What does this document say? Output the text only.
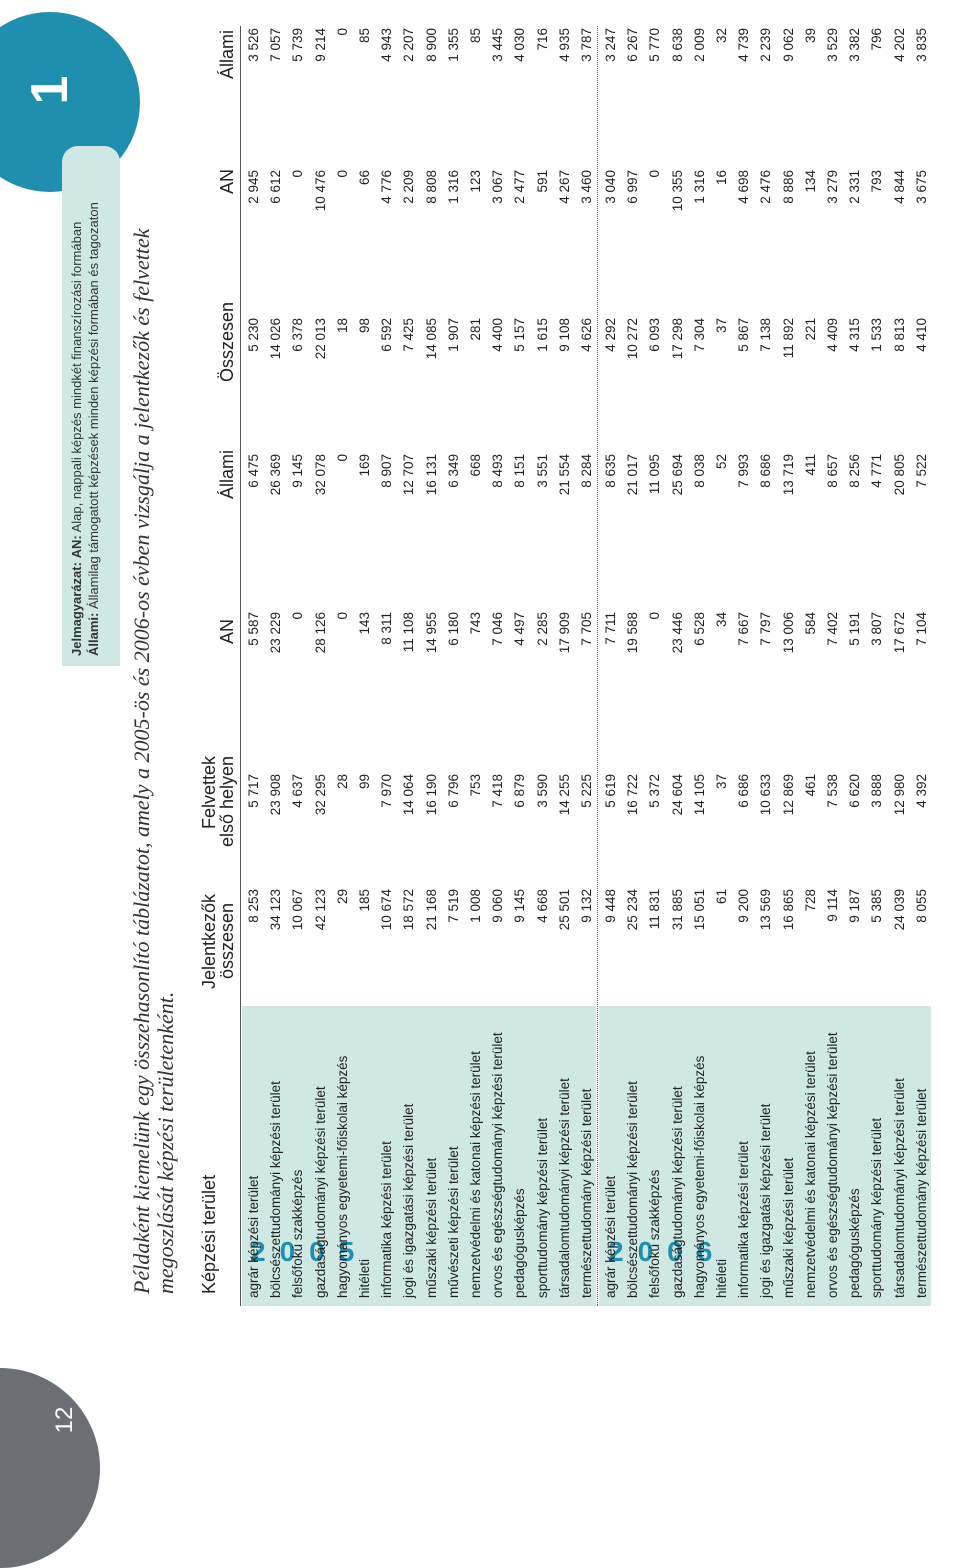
1
12
Példaként kiemelünk egy összehasonlító táblázatot, amely a 2005-ös és 2006-os évben vizsgálja a jelentkezők és felvettek megoszlását képzési területenként.
Jelmagyarázat: AN: Alap, nappali képzés mindkét finanszírozási formában
Állami: Államilag támogatott képzések minden képzési formában és tagozaton
Képzési terület
Jelentkezők
összesen
Felvettek
első helyen
AN
Állami
Összesen
AN
Állami
2005
agrár képzési terület
8 253
5 717
5 587
6 475
5 230
2 945
3 526
bölcsészettudományi képzési terület
34 123
23 908
23 229
26 369
14 026
6 612
7 057
felsőfokú szakképzés
10 067
4 637
0
9 145
6 378
0
5 739
gazdaságtudományi képzési terület
42 123
32 295
28 126
32 078
22 013
10 476
9 214
hagyományos egyetemi-főiskolai képzés
29
28
0
0
18
0
0
hitéleti
185
99
143
169
98
66
85
informatika képzési terület
10 674
7 970
8 311
8 907
6 592
4 776
4 943
jogi és igazgatási képzési terület
18 572
14 064
11 108
12 707
7 425
2 209
2 207
műszaki képzési terület
21 168
16 190
14 955
16 131
14 085
8 808
8 900
művészeti képzési terület
7 519
6 796
6 180
6 349
1 907
1 316
1 355
nemzetvédelmi és katonai képzési terület
1 008
753
743
668
281
123
85
orvos és egészségtudományi képzési terület
9 060
7 418
7 046
8 493
4 400
3 067
3 445
pedagógusképzés
9 145
6 879
4 497
8 151
5 157
2 477
4 030
sporttudomány képzési terület
4 668
3 590
2 285
3 551
1 615
591
716
társadalomtudományi képzési terület
25 501
14 255
17 909
21 554
9 108
4 267
4 935
természettudomány képzési terület
9 132
5 225
7 705
8 284
4 626
3 460
3 787
2006
agrár képzési terület
9 448
5 619
7 711
8 635
4 292
3 040
3 247
bölcsészettudományi képzési terület
25 234
16 722
19 588
21 017
10 272
6 997
6 267
felsőfokú szakképzés
11 831
5 372
0
11 095
6 093
0
5 770
gazdaságtudományi képzési terület
31 885
24 604
23 446
25 694
17 298
10 355
8 638
hagyományos egyetemi-főiskolai képzés
15 051
14 105
6 528
8 038
7 304
1 316
2 009
hitéleti
61
37
34
52
37
16
32
informatika képzési terület
9 200
6 686
7 667
7 993
5 867
4 698
4 739
jogi és igazgatási képzési terület
13 569
10 633
7 797
8 686
7 138
2 476
2 239
műszaki képzési terület
16 865
12 869
13 006
13 719
11 892
8 886
9 062
nemzetvédelmi és katonai képzési terület
728
461
584
411
221
134
39
orvos és egészségtudományi képzési terület
9 114
7 538
7 402
8 657
4 409
3 279
3 529
pedagógusképzés
9 187
6 620
5 191
8 256
4 315
2 331
3 382
sporttudomány képzési terület
5 385
3 888
3 807
4 771
1 533
793
796
társadalomtudományi képzési terület
24 039
12 980
17 672
20 805
8 813
4 844
4 202
természettudomány képzési terület
8 055
4 392
7 104
7 522
4 410
3 675
3 835
